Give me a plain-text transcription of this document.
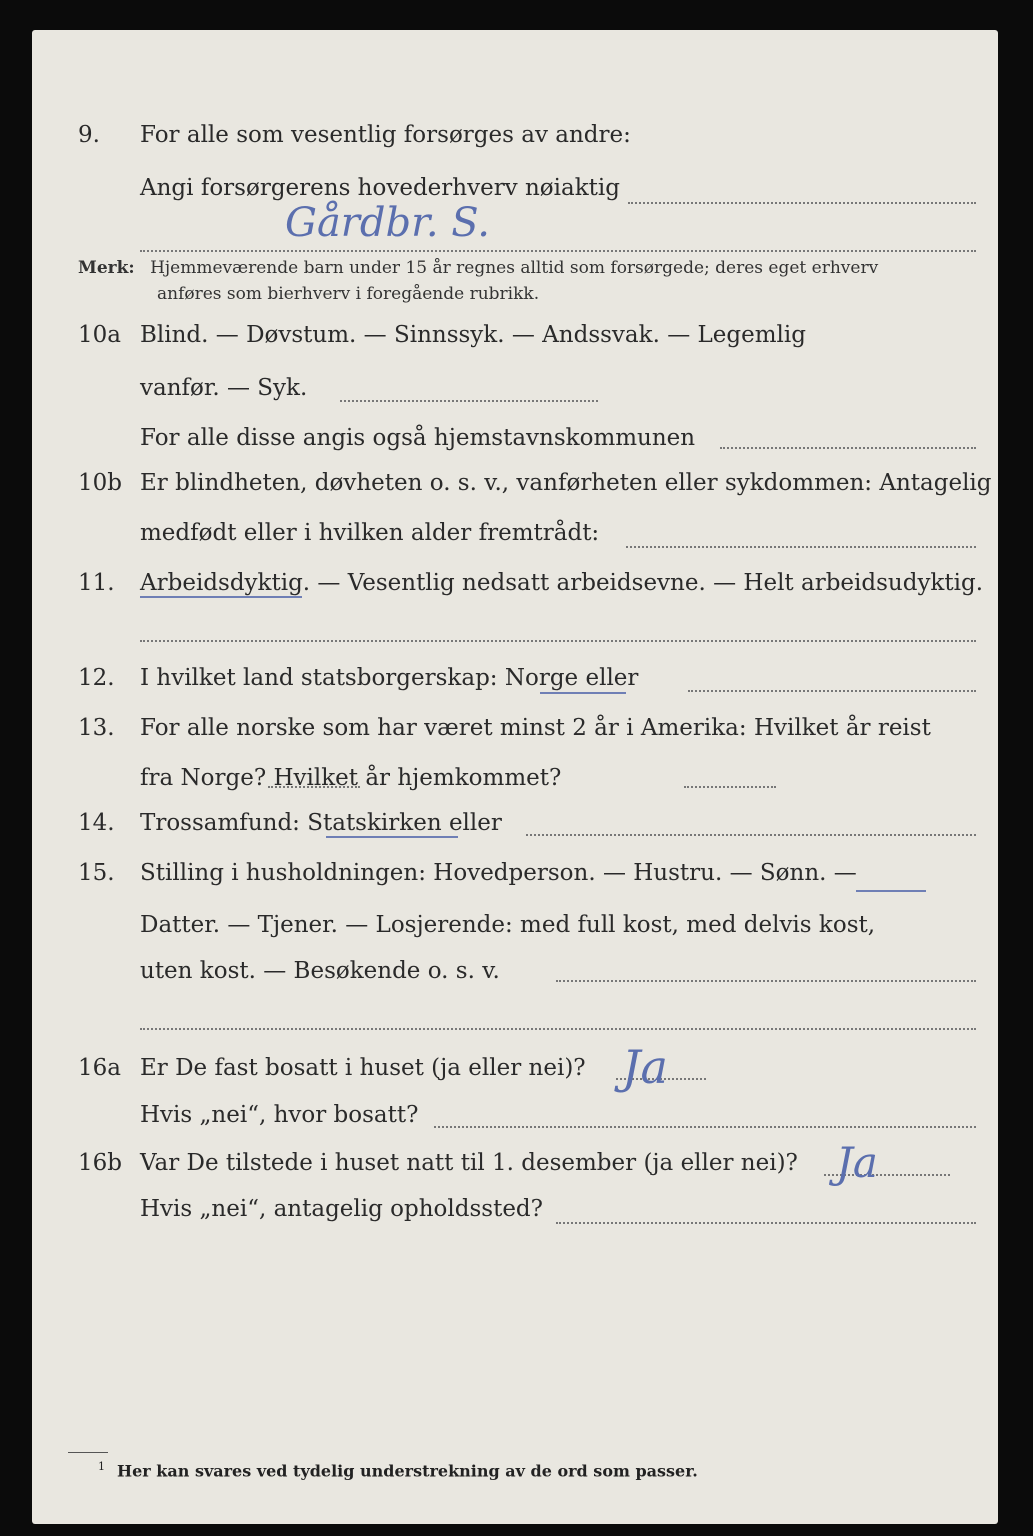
9. For alle som vesentlig forsørges av andre:
Angi forsørgerens hovederhverv nøiaktig
Gårdbr. S.
Merk: Hjemmeværende barn under 15 år regnes alltid som forsørgede; deres eget erhverv
anføres som bierhverv i foregående rubrikk.
10a Blind. — Døvstum. — Sinnssyk. — Andssvak. — Legemlig
vanfør. — Syk.
For alle disse angis også hjemstavnskommunen
10b Er blindheten, døvheten o. s. v., vanførheten eller sykdommen: Antagelig
medfødt eller i hvilken alder fremtrådt:
11. Arbeidsdyktig. — Vesentlig nedsatt arbeidsevne. — Helt arbeidsudyktig.
12. I hvilket land statsborgerskap: Norge eller
13. For alle norske som har været minst 2 år i Amerika: Hvilket år reist
fra Norge? Hvilket år hjemkommet?
14. Trossamfund: Statskirken eller
15. Stilling i husholdningen: Hovedperson. — Hustru. — Sønn. —
Datter. — Tjener. — Losjerende: med full kost, med delvis kost,
uten kost. — Besøkende o. s. v.
16a Er De fast bosatt i huset (ja eller nei)? Ja
Hvis „nei“, hvor bosatt?
16b Var De tilstede i huset natt til 1. desember (ja eller nei)? Ja
Hvis „nei“, antagelig opholdssted?
$^1$ Her kan svares ved tydelig understrekning av de ord som passer.
